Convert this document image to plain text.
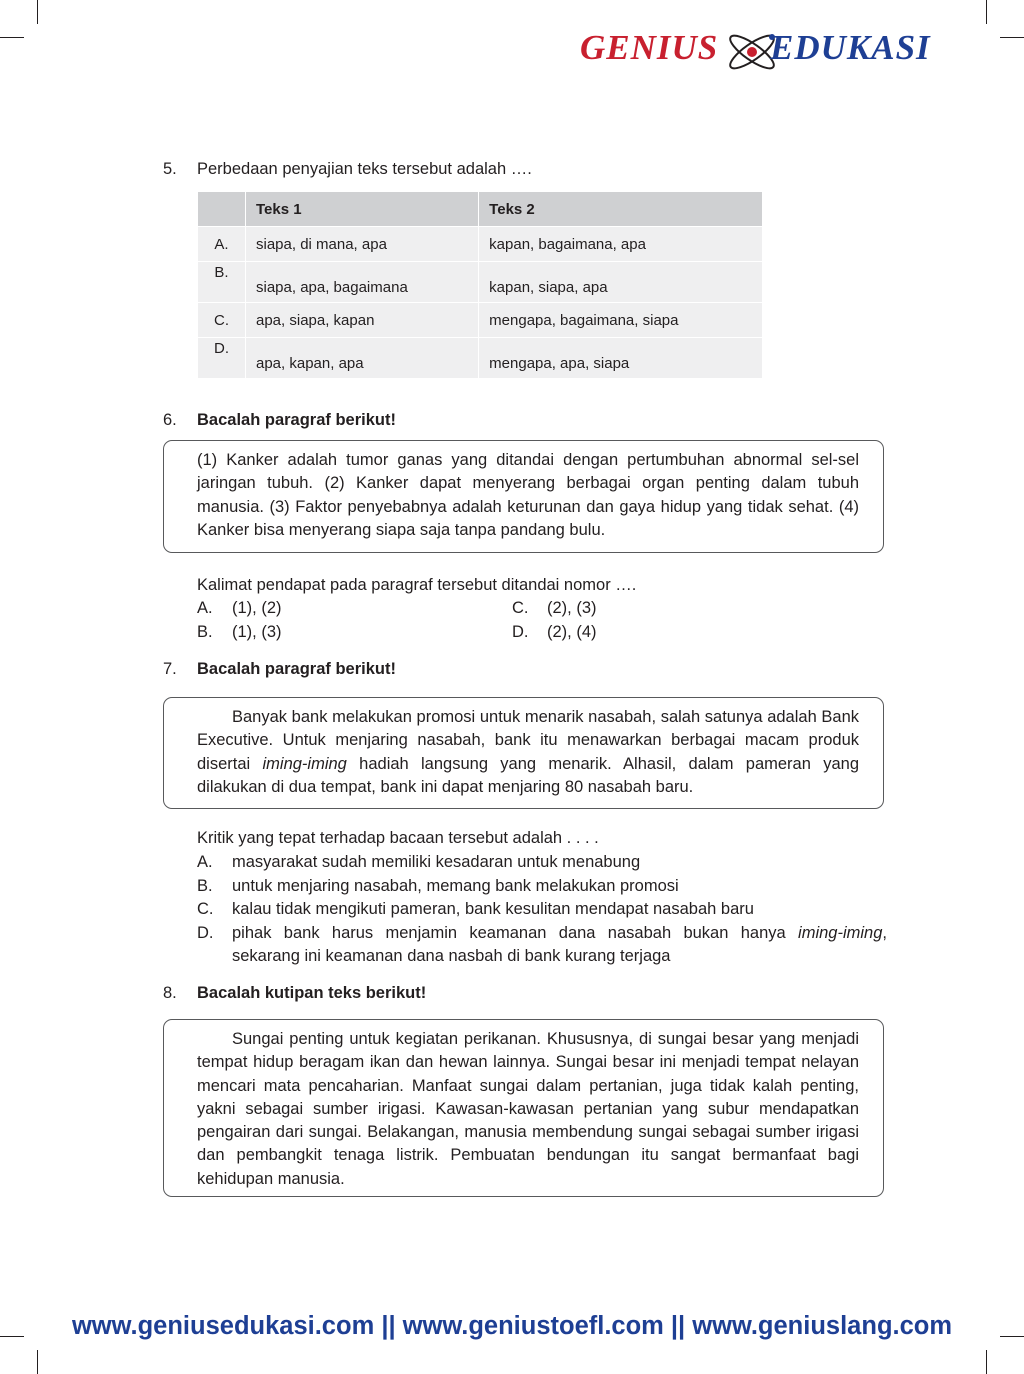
GENIUS EDUKASI
5. Perbedaan penyajian teks tersebut adalah ….
	Teks 1	Teks 2
A.	siapa, di mana, apa	kapan, bagaimana, apa
B.	siapa, apa, bagaimana	kapan, siapa, apa
C.	apa, siapa, kapan	mengapa, bagaimana, siapa
D.	apa, kapan, apa	mengapa, apa, siapa
6. Bacalah paragraf berikut!

(1) Kanker adalah tumor ganas yang ditandai dengan pertumbuhan abnormal sel-sel jaringan tubuh. (2) Kanker dapat menyerang berbagai organ penting dalam tubuh manusia. (3) Faktor penyebabnya adalah keturunan dan gaya hidup yang tidak sehat. (4) Kanker bisa menyerang siapa saja tanpa pandang bulu.

Kalimat pendapat pada paragraf tersebut ditandai nomor ….
A. (1), (2)
B. (1), (3)
C. (2), (3)
D. (2), (4)
7. Bacalah paragraf berikut!

Banyak bank melakukan promosi untuk menarik nasabah, salah satunya adalah Bank Executive. Untuk menjaring nasabah, bank itu menawarkan berbagai macam produk disertai iming-iming hadiah langsung yang menarik. Alhasil, dalam pameran yang dilakukan di dua tempat, bank ini dapat menjaring 80 nasabah baru.

Kritik yang tepat terhadap bacaan tersebut adalah . . . .
A. masyarakat sudah memiliki kesadaran untuk menabung
B. untuk menjaring nasabah, memang bank melakukan promosi
C. kalau tidak mengikuti pameran, bank kesulitan mendapat nasabah baru
D. pihak bank harus menjamin keamanan dana nasabah bukan hanya iming-iming, sekarang ini keamanan dana nasbah di bank kurang terjaga
8. Bacalah kutipan teks berikut!

Sungai penting untuk kegiatan perikanan. Khususnya, di sungai besar yang menjadi tempat hidup beragam ikan dan hewan lainnya. Sungai besar ini menjadi tempat nelayan mencari mata pencaharian. Manfaat sungai dalam pertanian, juga tidak kalah penting, yakni sebagai sumber irigasi. Kawasan-kawasan pertanian yang subur mendapatkan pengairan dari sungai. Belakangan, manusia membendung sungai sebagai sumber irigasi dan pembangkit tenaga listrik. Pembuatan bendungan itu sangat bermanfaat bagi kehidupan manusia.

www.geniusedukasi.com || www.geniustoefl.com || www.geniuslang.com
